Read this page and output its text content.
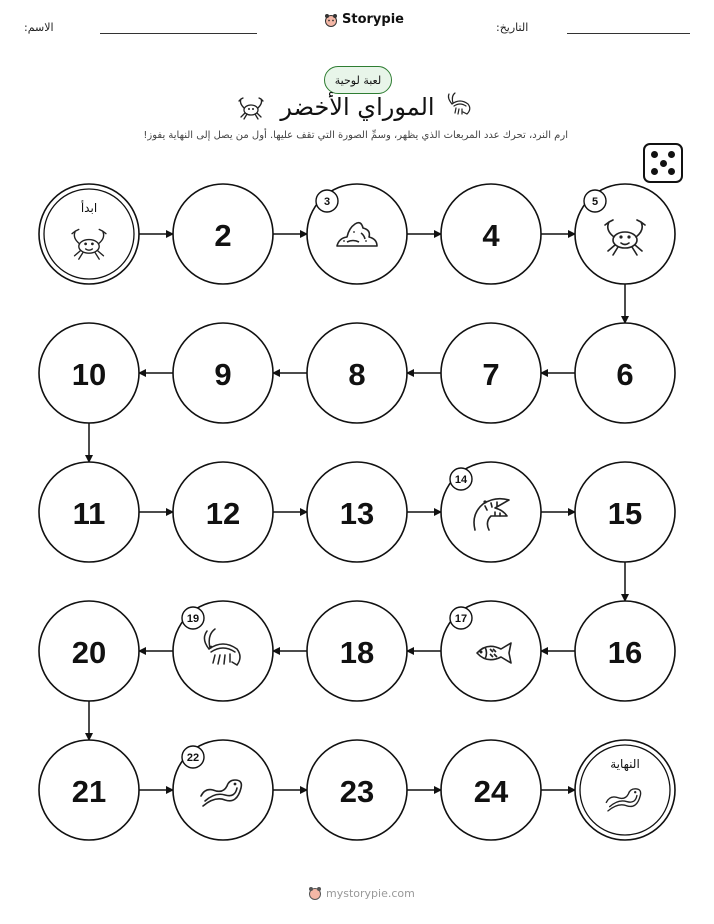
الاسم:
Storypie
التاريخ:
لعبة لوحية
الموراي الأخضر
ارم النرد، تحرك عدد المربعات الذي يظهر، وسمِّ الصورة التي تقف عليها. أول من يصل إلى النهاية يفوز!
ابدأ
2
3
4
5
6
7
8
9
10
11	12	13
14
15
16
17
18
19
20
21
22
23	24
النهاية
mystorypie.com
